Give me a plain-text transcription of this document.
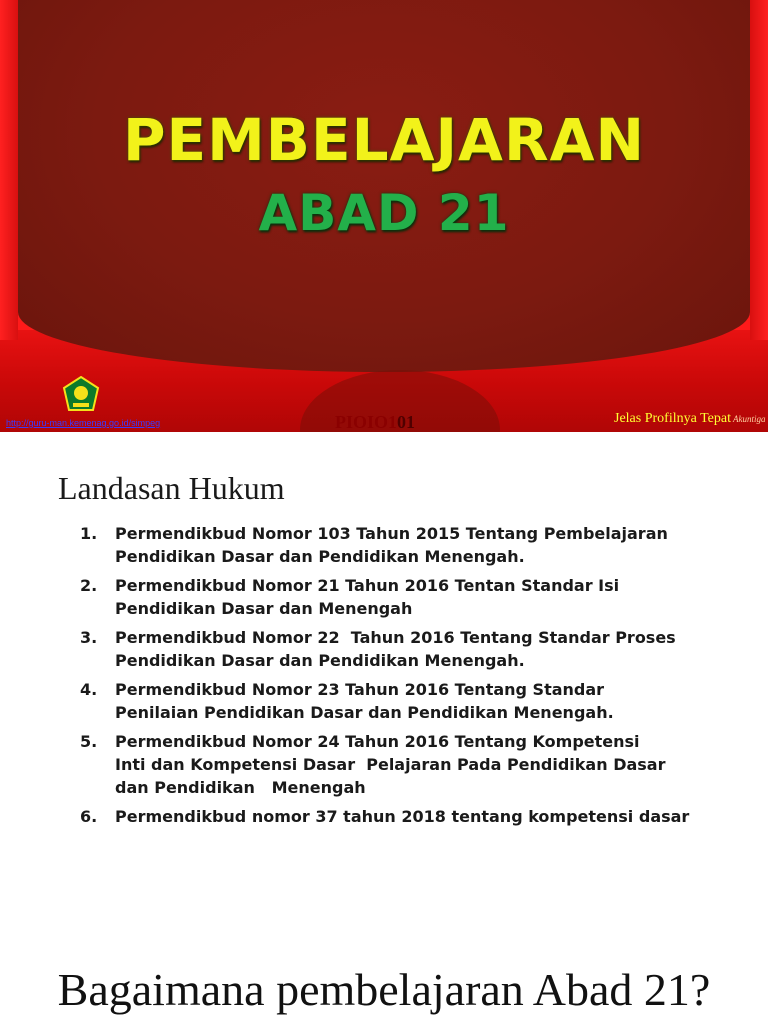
PEMBELAJARAN
ABAD 21
http://guru-man.kemenag.go.id/simpeg	PIOIO101	Jelas Profilnya Tepat Akuntiga
Landasan Hukum
1.	Permendikbud Nomor 103 Tahun 2015 Tentang Pembelajaran Pendidikan Dasar dan Pendidikan Menengah.
2.	Permendikbud Nomor 21 Tahun 2016 Tentan Standar Isi Pendidikan Dasar dan Menengah
3.	Permendikbud Nomor 22  Tahun 2016 Tentang Standar Proses Pendidikan Dasar dan Pendidikan Menengah.
4.	Permendikbud Nomor 23 Tahun 2016 Tentang Standar    Penilaian Pendidikan Dasar dan Pendidikan Menengah.
5.	Permendikbud Nomor 24 Tahun 2016 Tentang Kompetensi         Inti dan Kompetensi Dasar  Pelajaran Pada Pendidikan Dasar           dan Pendidikan   Menengah
6.	Permendikbud nomor 37 tahun 2018 tentang kompetensi dasar
Bagaimana pembelajaran Abad 21?
